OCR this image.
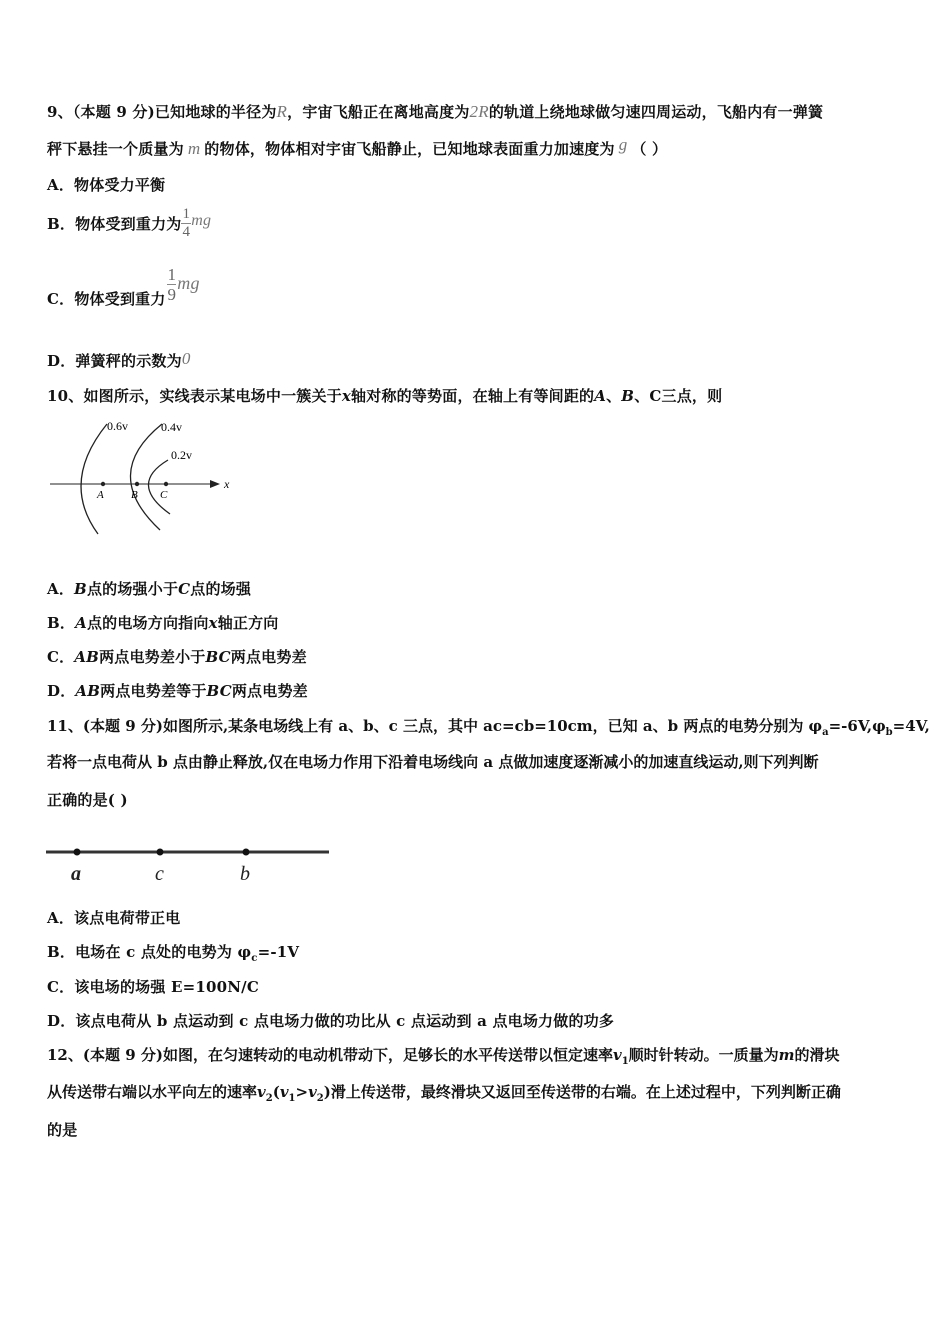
9、（本题 9 分)已知地球的半径为R，宇宙飞船正在离地高度为2R的轨道上绕地球做匀速四周运动，飞船内有一弹簧
秤下悬挂一个质量为 m 的物体，物体相对宇宙飞船静止，已知地球表面重力加速度为 g （ ）
A．物体受力平衡
B．物体受到重力为 $\frac{1}{4}$ mg
C．物体受到重力 $\frac{1}{9}$ mg
D．弹簧秤的示数为0
10、如图所示，实线表示某电场中一簇关于x轴对称的等势面，在轴上有等间距的A、B、C三点，则
x
A B C
0.6v	0.4v
0.2v
A．B点的场强小于C点的场强
B．A点的电场方向指向x轴正方向
C．AB两点电势差小于BC两点电势差
D．AB两点电势差等于BC两点电势差
11、(本题 9 分)如图所示,某条电场线上有 a、b、c 三点，其中 ac=cb=10cm，已知 a、b 两点的电势分别为 $\varphi_a=-6V,\varphi_b=4V$,
若将一点电荷从 b 点由静止释放,仅在电场力作用下沿着电场线向 a 点做加速度逐渐减小的加速直线运动,则下列判断
正确的是( )
a	c	b
A．该点电荷带正电
B．电场在 c 点处的电势为 $\varphi_c=-1V$
C．该电场的场强 E=100N/C
D．该点电荷从 b 点运动到 c 点电场力做的功比从 c 点运动到 a 点电场力做的功多
12、(本题 9 分)如图，在匀速转动的电动机带动下，足够长的水平传送带以恒定速率$v_1$顺时针转动。一质量为m的滑块
从传送带右端以水平向左的速率$v_2(v_1>v_2)$滑上传送带，最终滑块又返回至传送带的右端。在上述过程中，下列判断正确
的是
